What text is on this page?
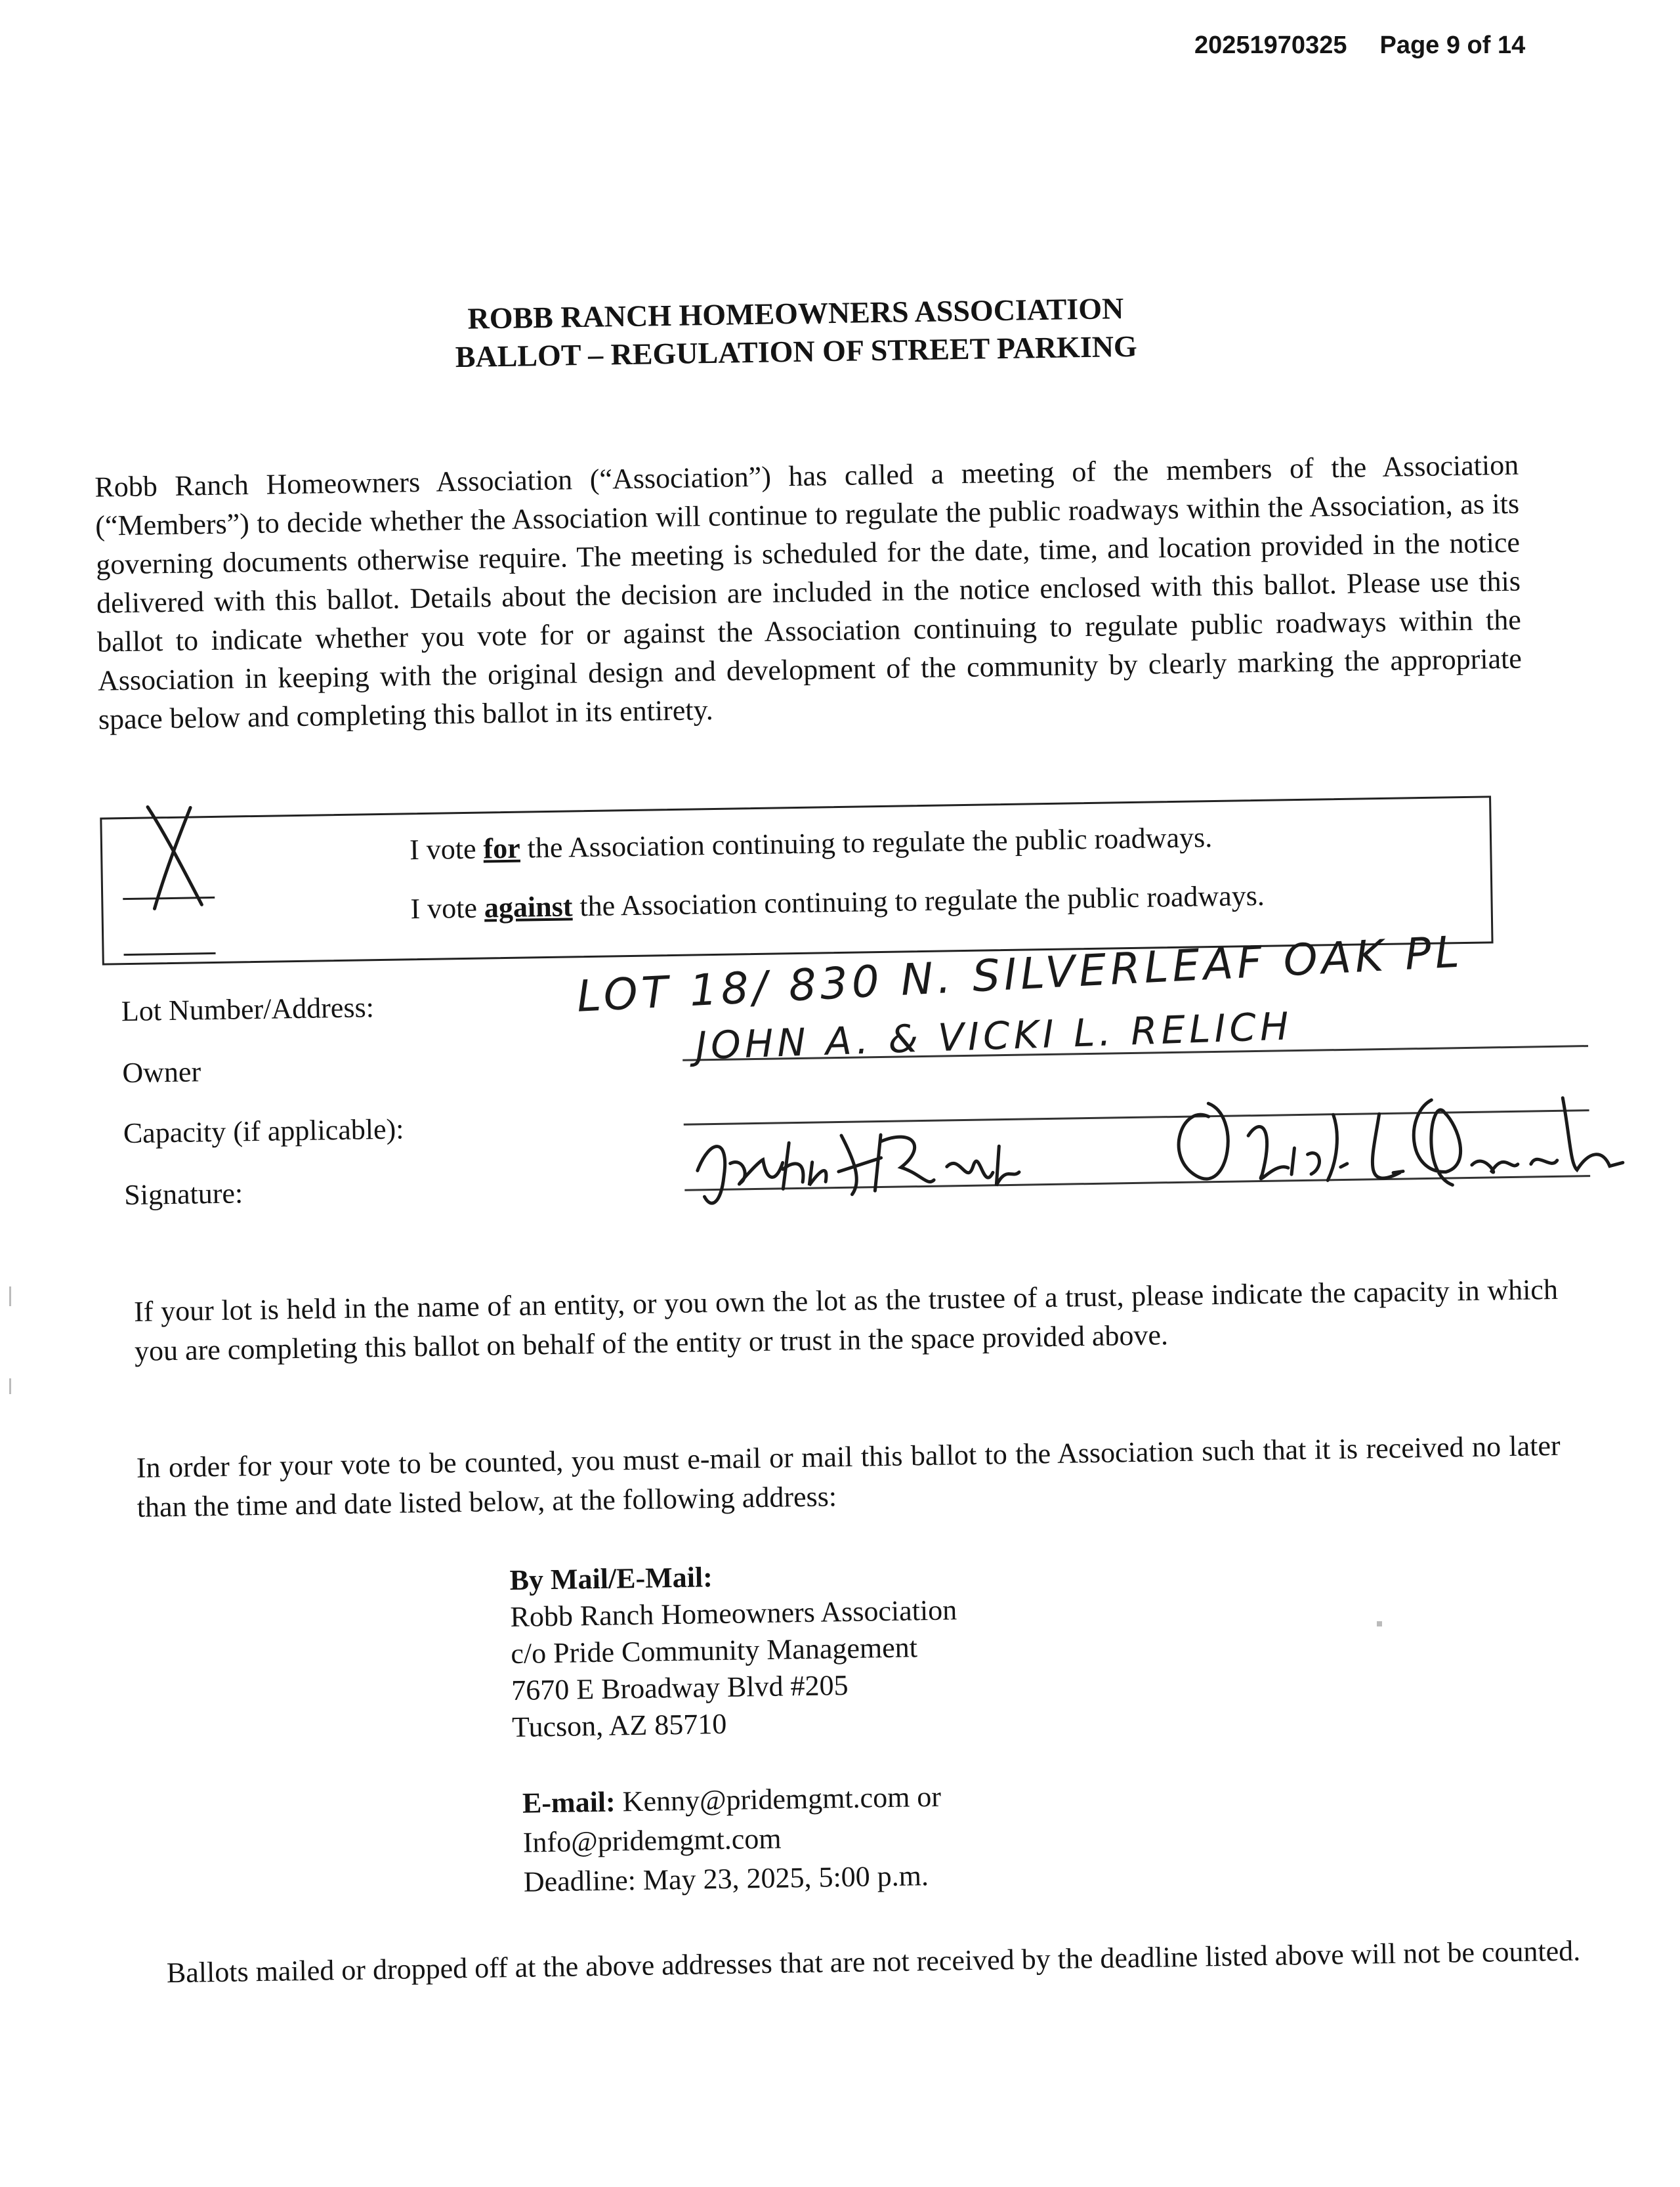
20251970325 Page 9 of 14
ROBB RANCH HOMEOWNERS ASSOCIATION
BALLOT – REGULATION OF STREET PARKING
Robb Ranch Homeowners Association (“Association”) has called a meeting of the members of the Association (“Members”) to decide whether the Association will continue to regulate the public roadways within the Association, as its governing documents otherwise require. The meeting is scheduled for the date, time, and location provided in the notice delivered with this ballot. Details about the decision are included in the notice enclosed with this ballot. Please use this ballot to indicate whether you vote for or against the Association continuing to regulate public roadways within the Association in keeping with the original design and development of the community by clearly marking the appropriate space below and completing this ballot in its entirety.
I vote for the Association continuing to regulate the public roadways.
I vote against the Association continuing to regulate the public roadways.
Lot Number/Address:
Owner
Capacity (if applicable):
Signature:
LOT 18/ 830 N. SILVERLEAF OAK PL
JOHN A. & VICKI L. RELICH
If your lot is held in the name of an entity, or you own the lot as the trustee of a trust, please indicate the capacity in which you are completing this ballot on behalf of the entity or trust in the space provided above.
In order for your vote to be counted, you must e-mail or mail this ballot to the Association such that it is received no later than the time and date listed below, at the following address:
By Mail/E-Mail:
Robb Ranch Homeowners Association
c/o Pride Community Management
7670 E Broadway Blvd #205
Tucson, AZ 85710
E-mail: Kenny@pridemgmt.com or
Info@pridemgmt.com
Deadline: May 23, 2025, 5:00 p.m.
Ballots mailed or dropped off at the above addresses that are not received by the deadline listed above will not be counted.
